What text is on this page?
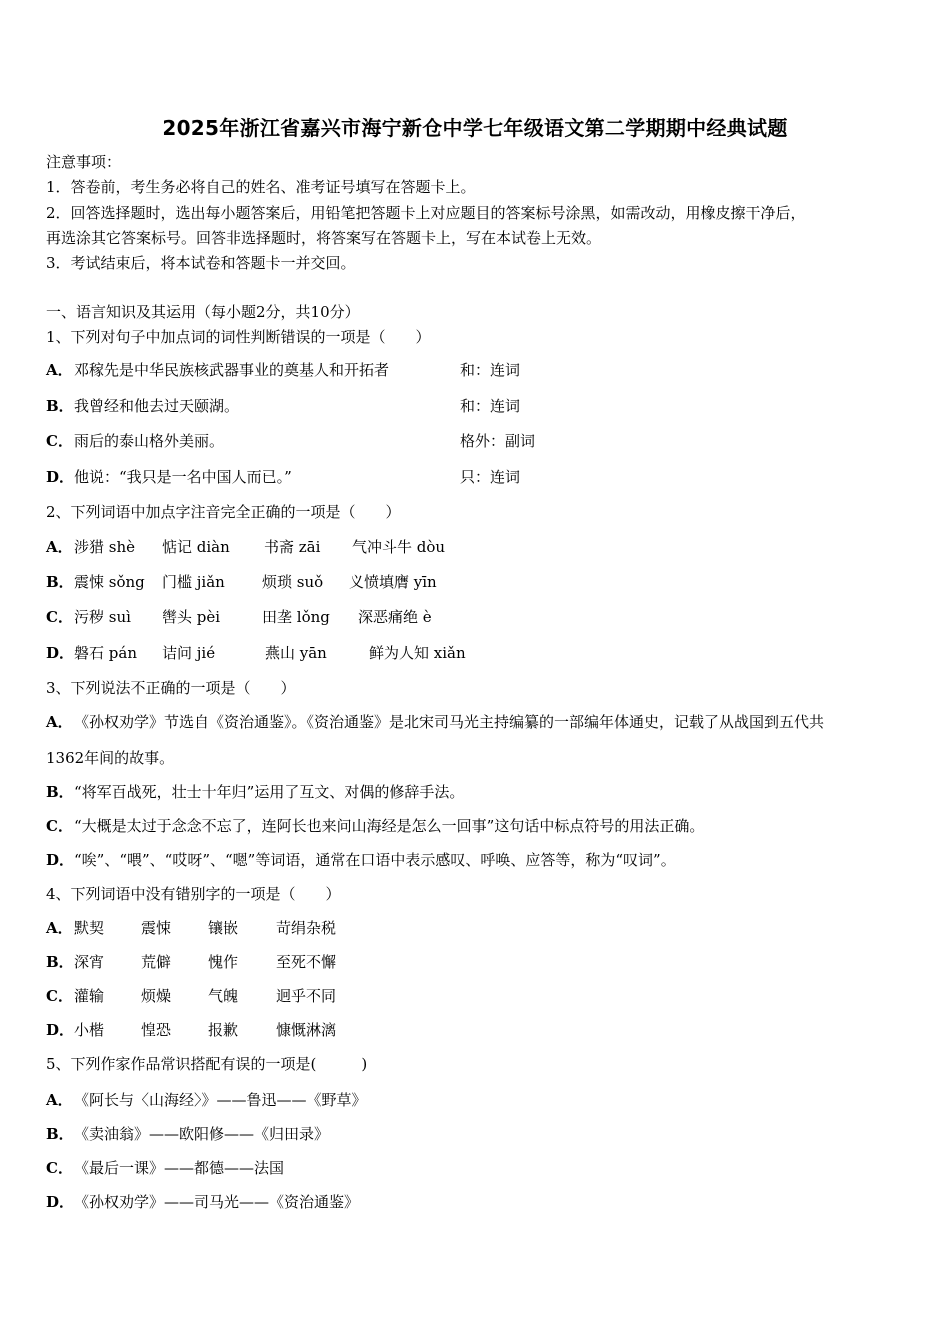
2025年浙江省嘉兴市海宁新仓中学七年级语文第二学期期中经典试题
注意事项：
1．答卷前，考生务必将自己的姓名、准考证号填写在答题卡上。
2．回答选择题时，选出每小题答案后，用铅笔把答题卡上对应题目的答案标号涂黑，如需改动，用橡皮擦干净后，
再选涂其它答案标号。回答非选择题时，将答案写在答题卡上，写在本试卷上无效。
3．考试结束后，将本试卷和答题卡一并交回。
一、语言知识及其运用（每小题2分，共10分）
1、下列对句子中加点词的词性判断错误的一项是（　　）
A．邓稼先是中华民族核武器事业的奠基人和开拓者	和：连词
B．我曾经和他去过天颐湖。	和：连词
C．雨后的泰山格外美丽。	格外：副词
D．他说：“我只是一名中国人而已。”	只：连词
2、下列词语中加点字注音完全正确的一项是（　　）
A． 涉猎 shè 惦记 diàn 书斋 zāi 气冲斗牛 dòu
B． 震悚 sǒng 门槛 jiǎn 烦琐 suǒ 义愤填膺 yīn
C． 污秽 suì 辔头 pèi	田垄 lǒng 深恶痛绝 è
D． 磐石 pán 诘问 jié	燕山 yān	鲜为人知 xiǎn
3、下列说法不正确的一项是（　　）
A．《孙权劝学》节选自《资治通鉴》。《资治通鉴》是北宋司马光主持编纂的一部编年体通史，记载了从战国到五代共
1362年间的故事。
B．“将军百战死，壮士十年归”运用了互文、对偶的修辞手法。
C．“大概是太过于念念不忘了，连阿长也来问山海经是怎么一回事”这句话中标点符号的用法正确。
D．“唉”、“喂”、“哎呀”、“嗯”等词语，通常在口语中表示感叹、呼唤、应答等，称为“叹词”。
4、下列词语中没有错别字的一项是（　　）
A． 默契 震悚 镶嵌	苛绢杂税
B． 深宵 荒僻 愧作	至死不懈
C． 灌输 烦燥 气魄	迥乎不同
D． 小楷 惶恐 报歉	慷慨淋漓
5、下列作家作品常识搭配有误的一项是(　　　)
A．《阿长与〈山海经〉》——鲁迅——《野草》
B．《卖油翁》——欧阳修——《归田录》
C．《最后一课》——都德——法国
D．《孙权劝学》——司马光——《资治通鉴》
